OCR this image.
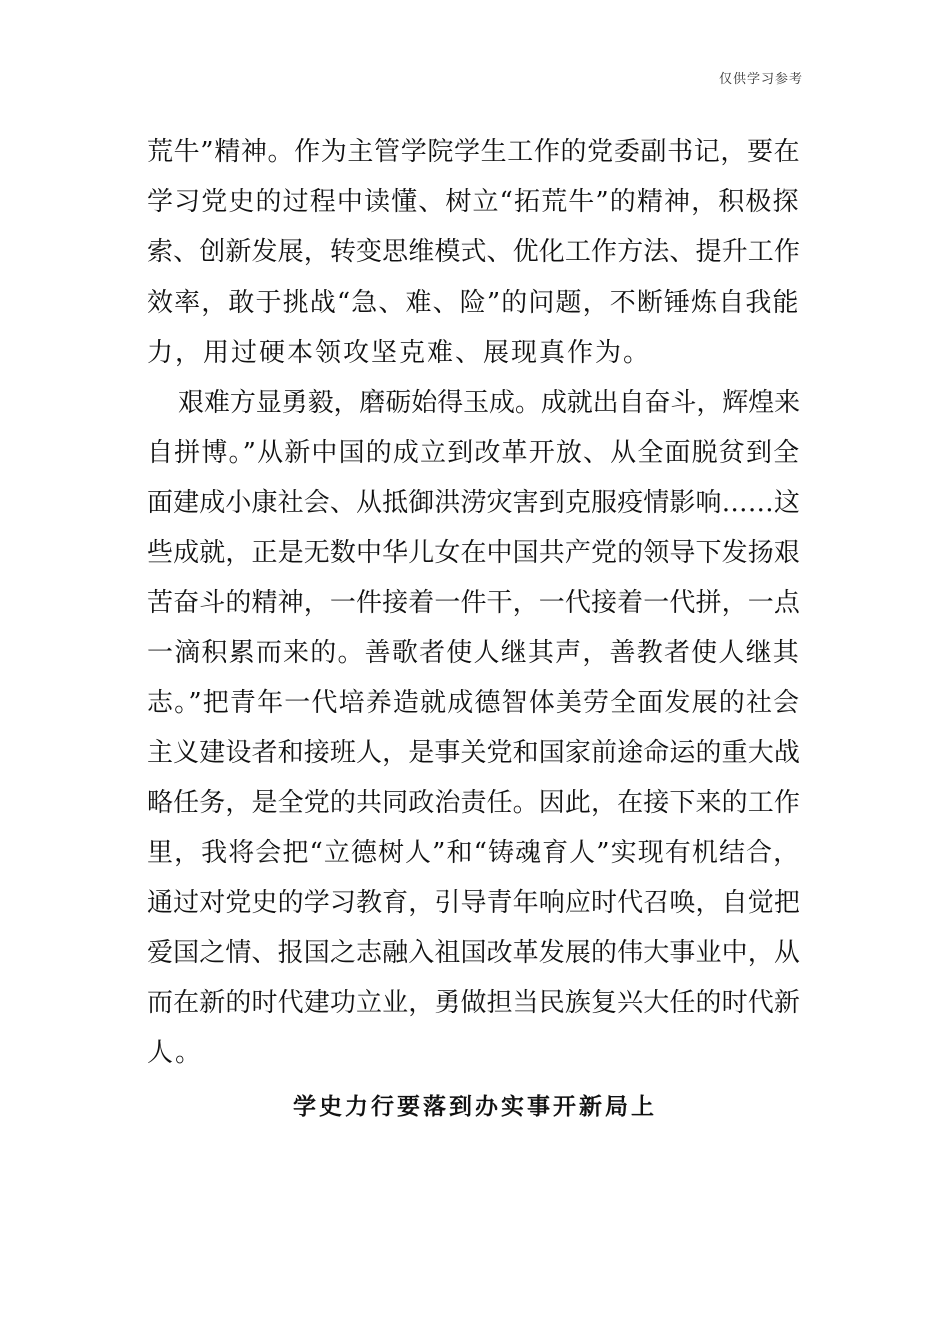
仅供学习参考
荒牛”精神。作为主管学院学生工作的党委副书记，要在
学习党史的过程中读懂、树立“拓荒牛”的精神，积极探
索、创新发展，转变思维模式、优化工作方法、提升工作
效率，敢于挑战“急、难、险”的问题，不断锤炼自我能
力，用过硬本领攻坚克难、展现真作为。
艰难方显勇毅，磨砺始得玉成。成就出自奋斗，辉煌来
自拼博。”从新中国的成立到改革开放、从全面脱贫到全
面建成小康社会、从抵御洪涝灾害到克服疫情影响……这
些成就，正是无数中华儿女在中国共产党的领导下发扬艰
苦奋斗的精神，一件接着一件干，一代接着一代拼，一点
一滴积累而来的。善歌者使人继其声，善教者使人继其
志。”把青年一代培养造就成德智体美劳全面发展的社会
主义建设者和接班人，是事关党和国家前途命运的重大战
略任务，是全党的共同政治责任。因此，在接下来的工作
里，我将会把“立德树人”和“铸魂育人”实现有机结合，
通过对党史的学习教育，引导青年响应时代召唤，自觉把
爱国之情、报国之志融入祖国改革发展的伟大事业中，从
而在新的时代建功立业，勇做担当民族复兴大任的时代新
人。
学史力行要落到办实事开新局上
